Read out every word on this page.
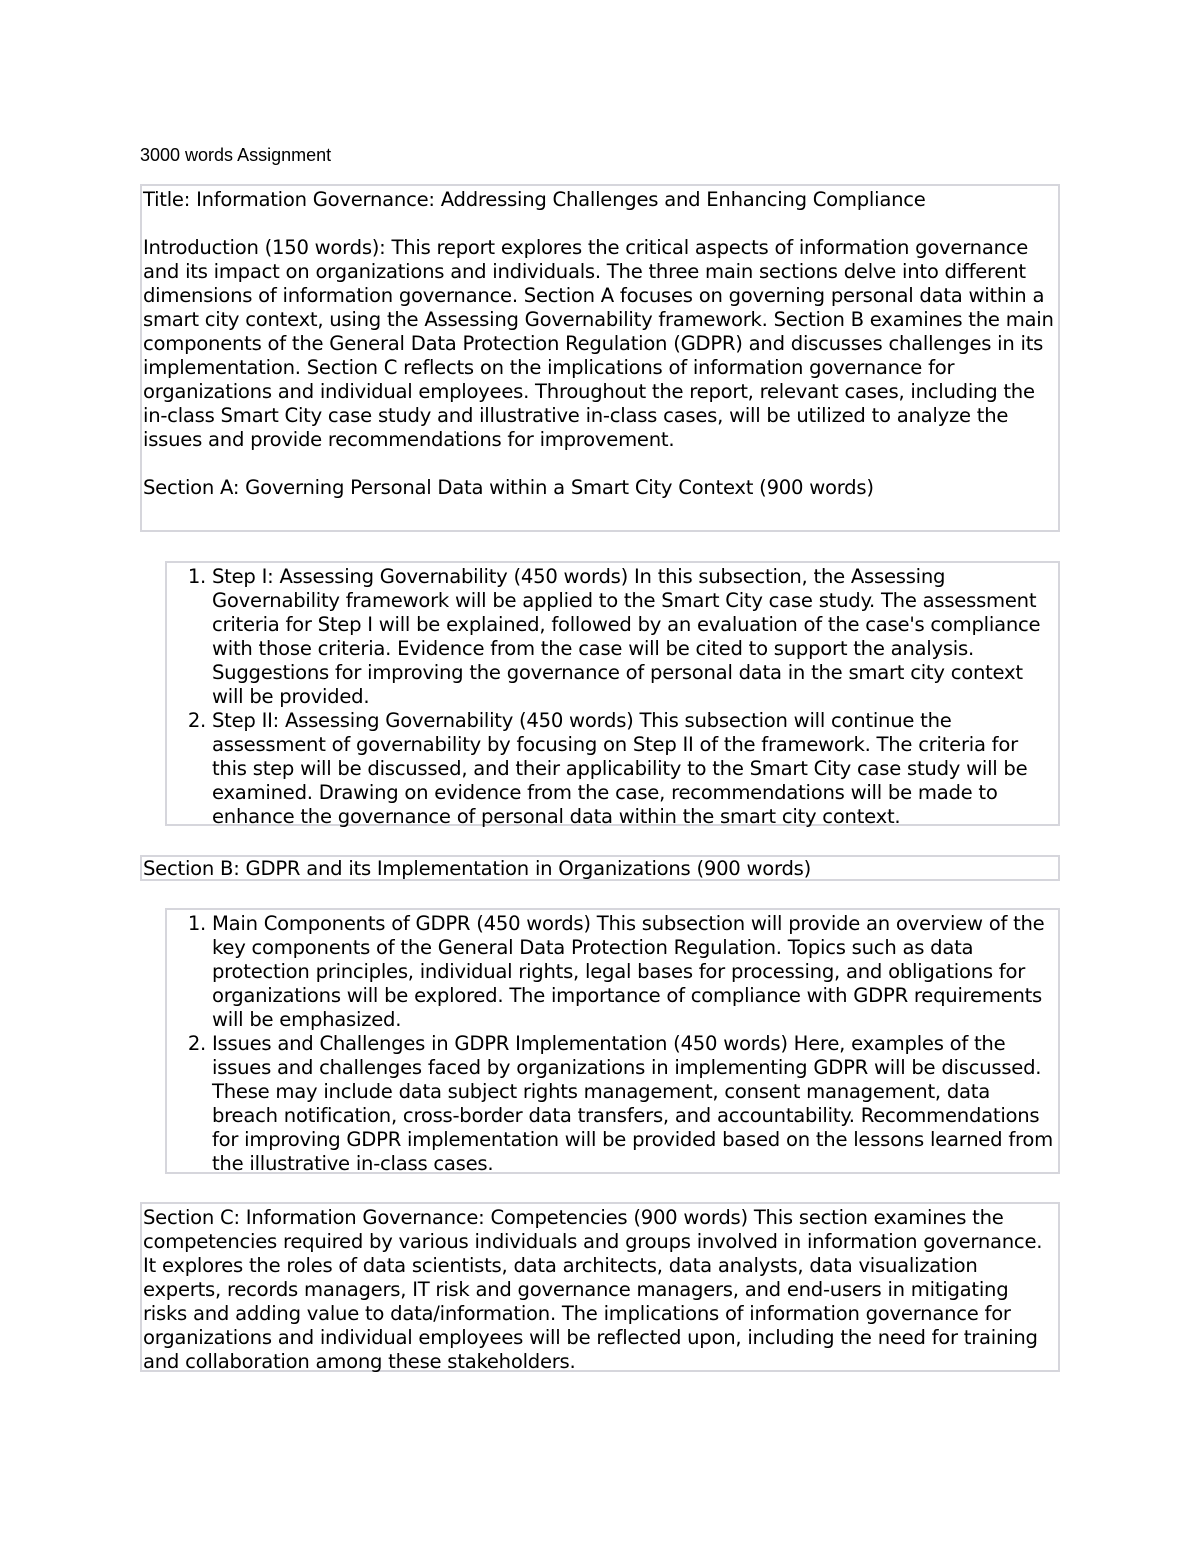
3000 words Assignment

Title: Information Governance: Addressing Challenges and Enhancing Compliance

Introduction (150 words): This report explores the critical aspects of information governance and its impact on organizations and individuals. The three main sections delve into different dimensions of information governance. Section A focuses on governing personal data within a smart city context, using the Assessing Governability framework. Section B examines the main components of the General Data Protection Regulation (GDPR) and discusses challenges in its implementation. Section C reflects on the implications of information governance for organizations and individual employees. Throughout the report, relevant cases, including the in-class Smart City case study and illustrative in-class cases, will be utilized to analyze the issues and provide recommendations for improvement.

Section A: Governing Personal Data within a Smart City Context (900 words)

1. Step I: Assessing Governability (450 words) In this subsection, the Assessing Governability framework will be applied to the Smart City case study. The assessment criteria for Step I will be explained, followed by an evaluation of the case's compliance with those criteria. Evidence from the case will be cited to support the analysis. Suggestions for improving the governance of personal data in the smart city context will be provided.
2. Step II: Assessing Governability (450 words) This subsection will continue the assessment of governability by focusing on Step II of the framework. The criteria for this step will be discussed, and their applicability to the Smart City case study will be examined. Drawing on evidence from the case, recommendations will be made to enhance the governance of personal data within the smart city context.

Section B: GDPR and its Implementation in Organizations (900 words)

1. Main Components of GDPR (450 words) This subsection will provide an overview of the key components of the General Data Protection Regulation. Topics such as data protection principles, individual rights, legal bases for processing, and obligations for organizations will be explored. The importance of compliance with GDPR requirements will be emphasized.
2. Issues and Challenges in GDPR Implementation (450 words) Here, examples of the issues and challenges faced by organizations in implementing GDPR will be discussed. These may include data subject rights management, consent management, data breach notification, cross-border data transfers, and accountability. Recommendations for improving GDPR implementation will be provided based on the lessons learned from the illustrative in-class cases.

Section C: Information Governance: Competencies (900 words) This section examines the competencies required by various individuals and groups involved in information governance. It explores the roles of data scientists, data architects, data analysts, data visualization experts, records managers, IT risk and governance managers, and end-users in mitigating risks and adding value to data/information. The implications of information governance for organizations and individual employees will be reflected upon, including the need for training and collaboration among these stakeholders.
